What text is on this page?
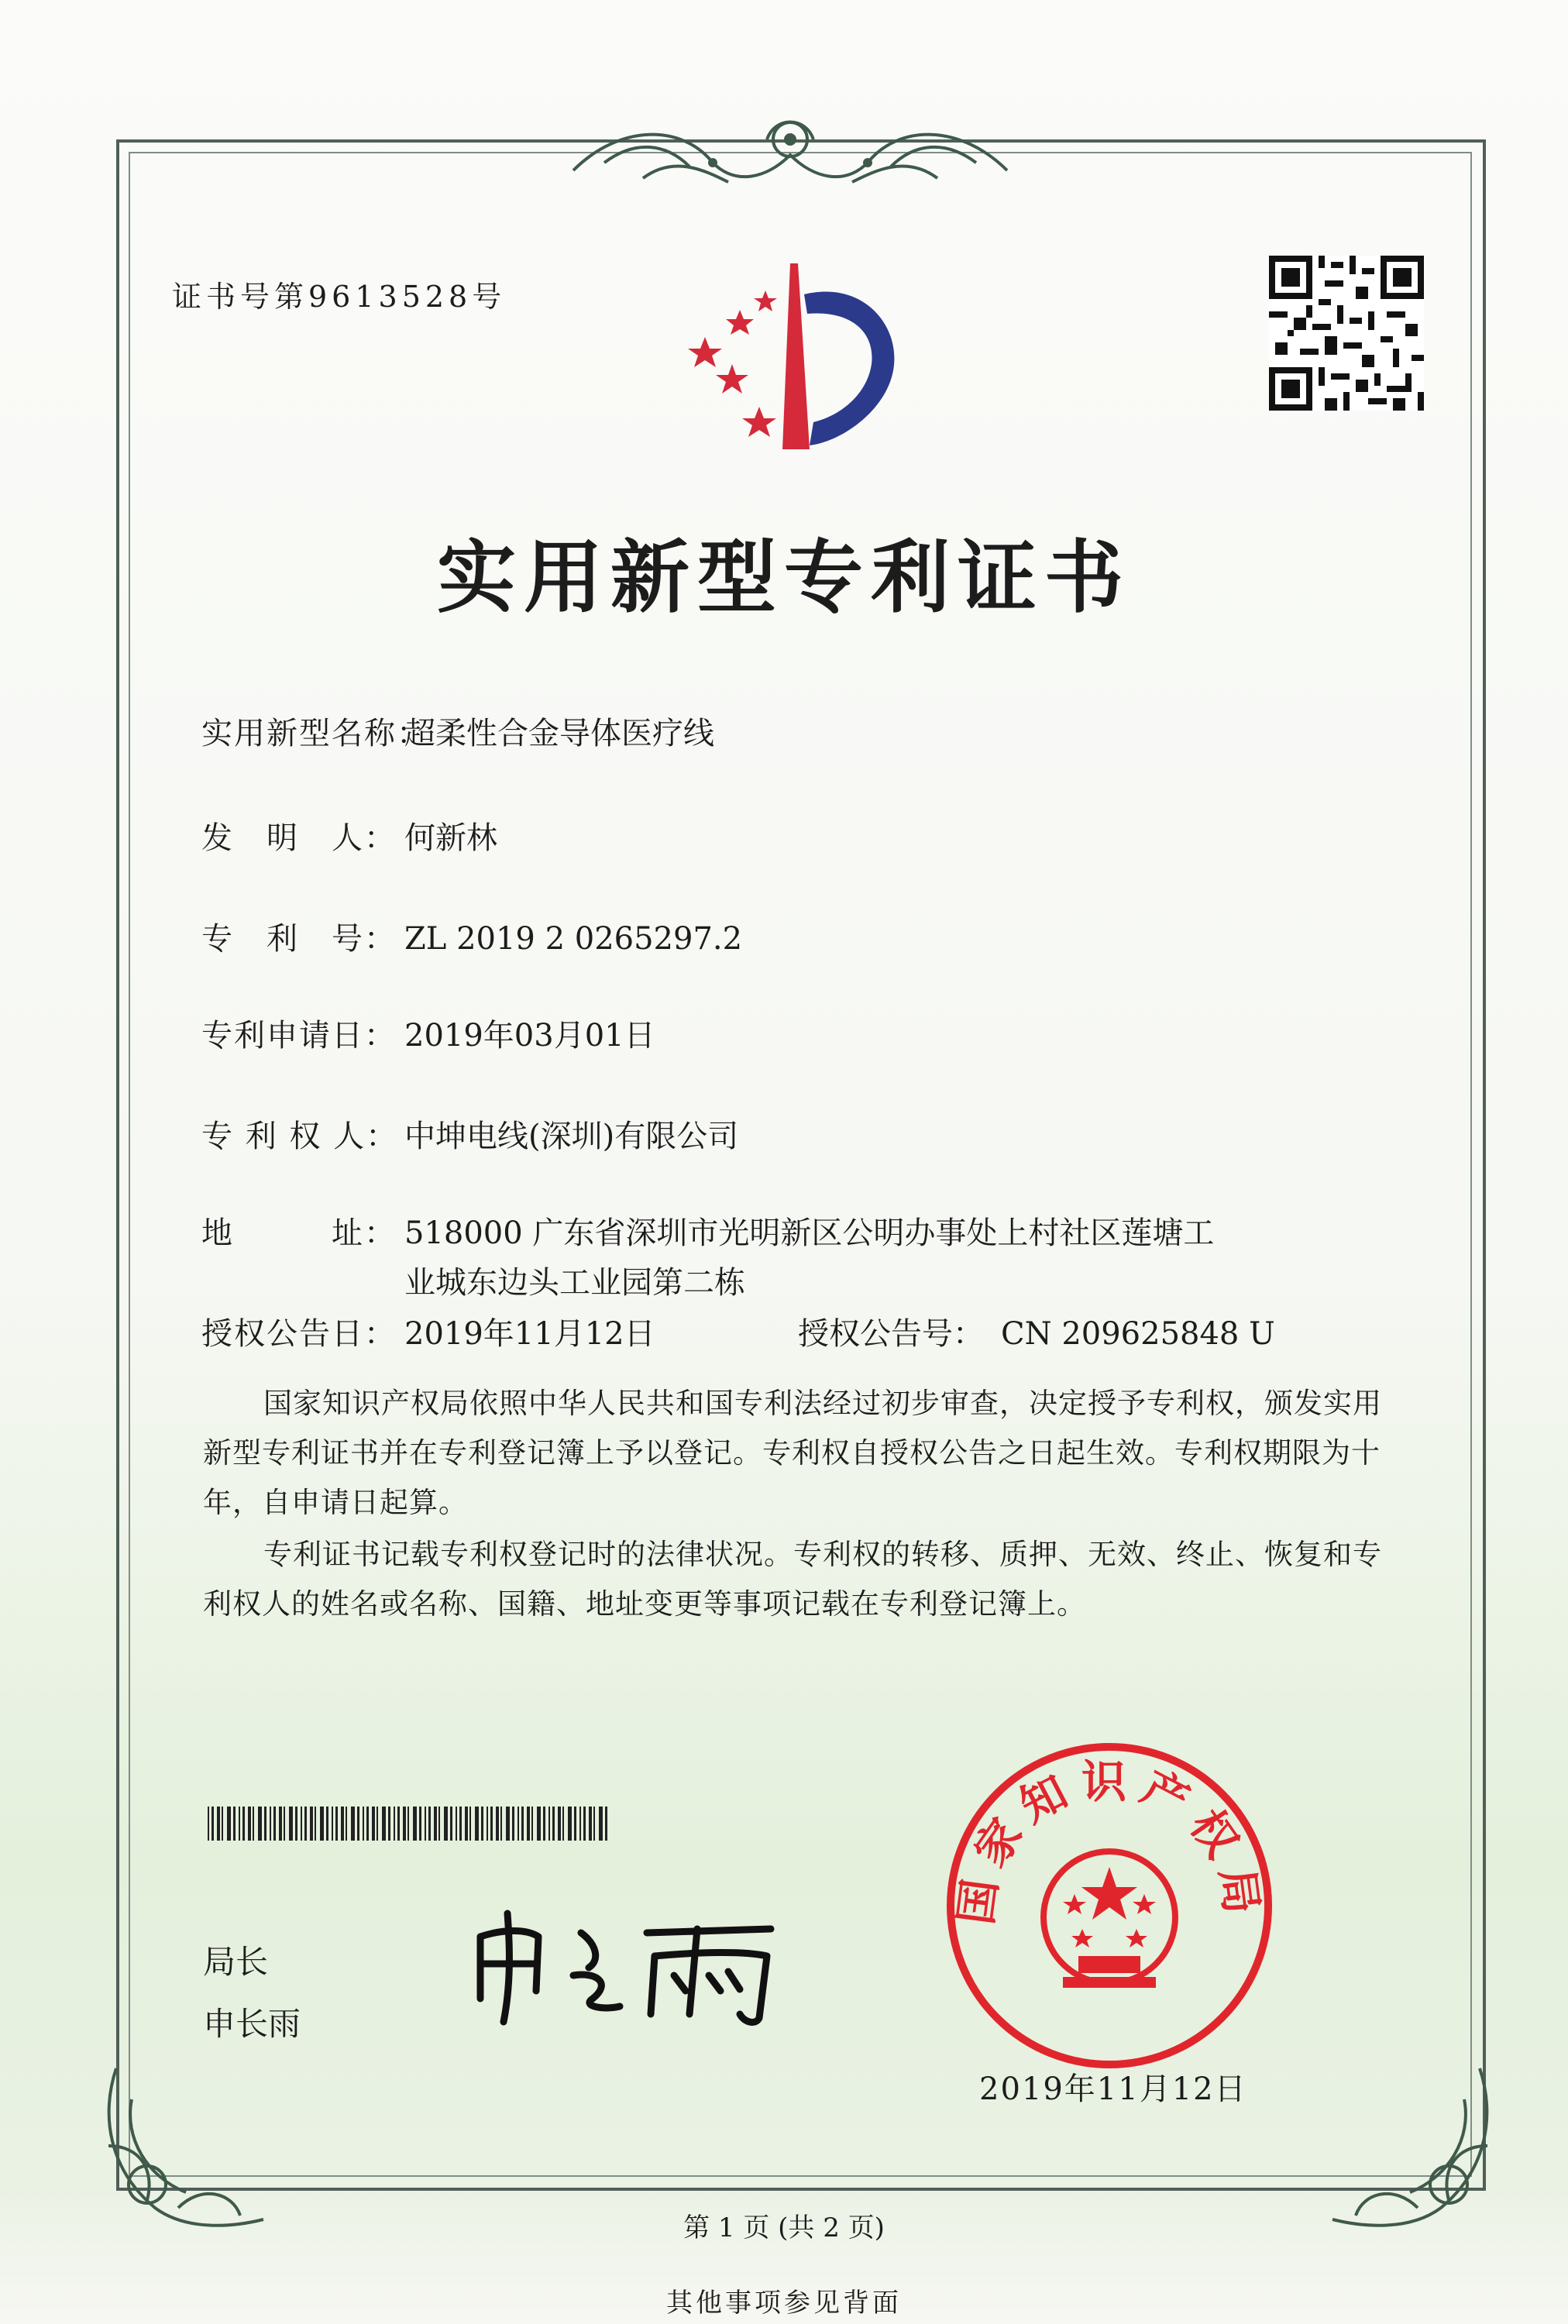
证书号第9613528号
实用新型专利证书
实用新型名称：超柔性合金导体医疗线
发　明　人： 何新林
专　利　号： ZL 2019 2 0265297.2
专利申请日： 2019年03月01日
专 利 权 人： 中坤电线(深圳)有限公司
地　　　址： 518000 广东省深圳市光明新区公明办事处上村社区莲塘工业城东边头工业园第二栋
授权公告日： 2019年11月12日	授权公告号： CN 209625848 U
国家知识产权局依照中华人民共和国专利法经过初步审查，决定授予专利权，颁发实用新型专利证书并在专利登记簿上予以登记。专利权自授权公告之日起生效。专利权期限为十年，自申请日起算。
专利证书记载专利权登记时的法律状况。专利权的转移、质押、无效、终止、恢复和专利权人的姓名或名称、国籍、地址变更等事项记载在专利登记簿上。
局长
申长雨
国家知识产权局
2019年11月12日
第 1 页 (共 2 页)
其他事项参见背面
